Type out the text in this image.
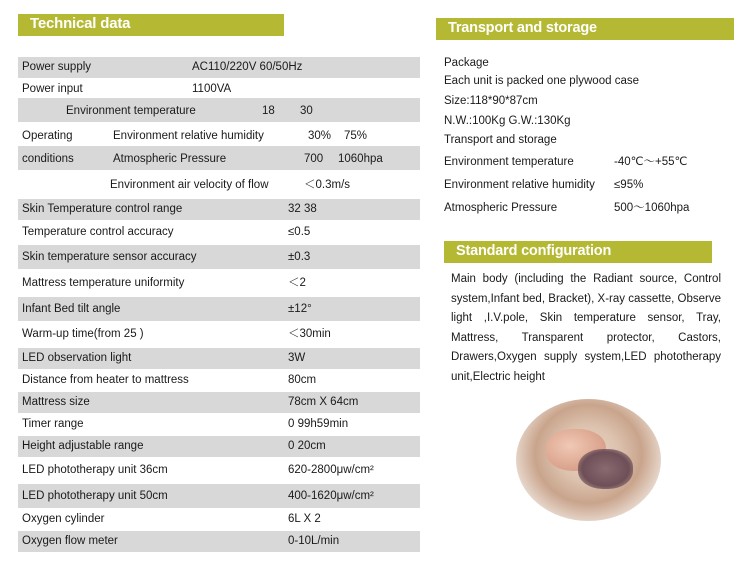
Technical data
Power supply	AC110/220V 60/50Hz
Power input	1100VA
Environment temperature	18 30
Operating	Environment relative humidity	30% 75%
conditions	Atmospheric Pressure	700 1060hpa
Environment air velocity of flow	＜0.3m/s
Skin Temperature control range	32 38
Temperature control accuracy	≤0.5
Skin temperature sensor accuracy	±0.3
Mattress temperature uniformity	＜2
Infant Bed tilt angle	±12°
Warm-up time(from 25 )	＜30min
LED observation light	3W
Distance from heater to mattress	80cm
Mattress size	78cm X 64cm
Timer range	0 99h59min
Height adjustable range	0 20cm
LED phototherapy unit 36cm	620-2800μw/cm²
LED phototherapy unit 50cm	400-1620μw/cm²
Oxygen cylinder	6L X 2
Oxygen flow meter	0-10L/min
Transport and storage
Package
Each unit is packed one plywood case
Size:118*90*87cm
N.W.:100Kg G.W.:130Kg
Transport and storage
Environment temperature	-40℃～+55℃
Environment relative humidity ≤95%
Atmospheric Pressure	500～1060hpa
Standard configuration
Main body (including the Radiant source, Control system,Infant bed, Bracket), X-ray cassette, Observe light ,I.V.pole, Skin temperature sensor, Tray, Mattress, Transparent protector, Castors, Drawers,Oxygen supply system,LED phototherapy unit,Electric height
